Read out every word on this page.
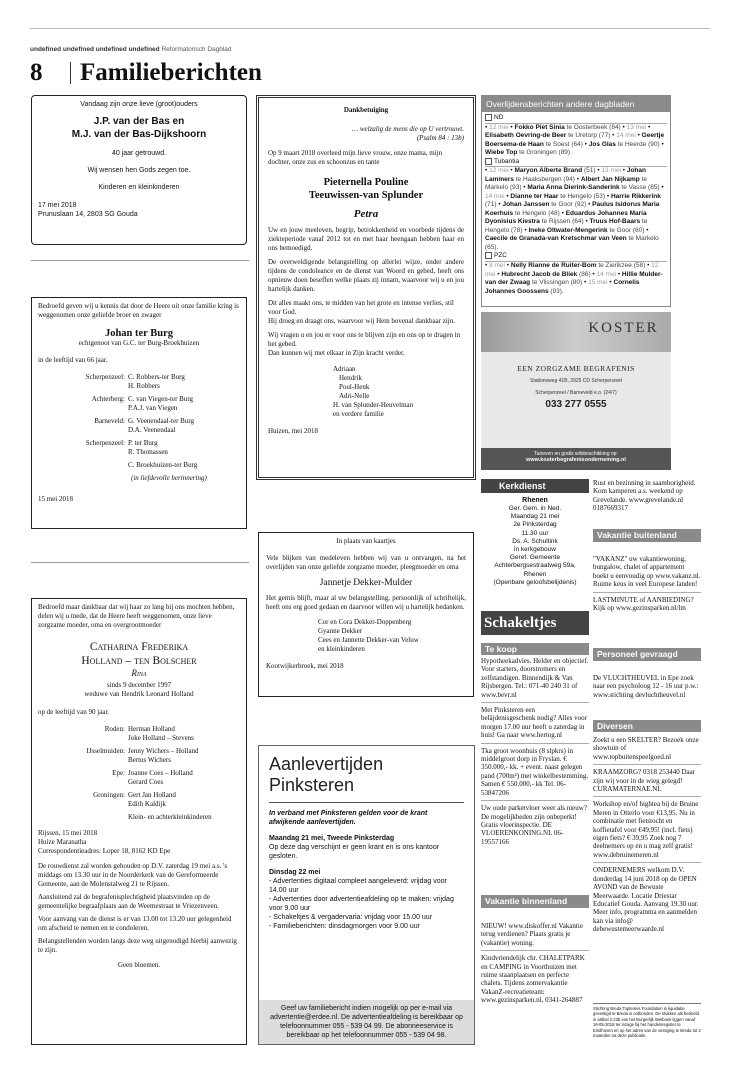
undefined undefined undefined undefined Reformatorisch Dagblad
8 Familieberichten
Vandaag zijn onze lieve (groot)ouders
J.P. van der Bas en
M.J. van der Bas-Dijkshoorn
40 jaar getrouwd.
Wij wensen hen Gods zegen toe.
Kinderen en kleinkinderen
17 mei 2018
Prunuslaan 14, 2803 SG Gouda
Bedroefd geven wij u kennis dat door de Heere uit onze familie kring is weggenomen onze geliefde broer en zwager
Johan ter Burg
echtgenoot van G.C. ter Burg-Broekhuizen
in de leeftijd van 66 jaar.
Scherpenzeel: C. Robbers-ter Burg
H. Robbers
Achterberg: C. van Viegen-ter Burg
P.A.J. van Viegen
Barneveld: G. Veenendaal-ter Burg
D.A. Veenendaal
Scherpenzeel: P. ter Burg
R. Thomassen
C. Broekhuizen-ter Burg
(in liefdevolle herinnering)
15 mei 2018
Bedroefd maar dankbaar dat wij haar zo lang bij ons mochten hebben, delen wij u mede, dat de Heere heeft weggenomen, onze lieve zorgzame moeder, oma en overgrootmoeder
Catharina Frederika
Holland – ten Bolscher
Rina
sinds 9 december 1997
weduwe van Hendrik Leonard Holland
op de leeftijd van 90 jaar.
Roden: Herman Holland
Joke Holland – Stevens
IJsselmuiden: Jenny Wichers – Holland
Bertus Wichers
Epe: Joanne Coes – Holland
Gerard Coes
Groningen: Gert Jan Holland
Edith Kaldijk
Klein- en achterkleinkinderen
Rijssen, 15 mei 2018
Huize Maranatha
Correspondentieadres: Loper 18, 8162 KD Epe
De rouwdienst zal worden gehouden op D.V. zaterdag 19 mei a.s. 's middags om 13.30 uur in de Noorderkerk van de Gereformeerde Gemeente, aan de Molenstalweg 21 te Rijssen.
Aansluitend zal de begrafenisplechtigheid plaatsvinden op de gemeentelijke begraafplaats aan de Weemestraat te Vriezenveen.
Voor aanvang van de dienst is er van 13.00 tot 13.20 uur gelegenheid om afscheid te nemen en te condoleren.
Belangstellenden worden langs deze weg uitgenodigd hierbij aanwezig te zijn.
Geen bloemen.
Dankbetuiging
… welzalig de mens die op U vertrouwt.
(Psalm 84 : 13b)
Op 9 maart 2018 overleed mijn lieve vrouw, onze mama, mijn dochter, onze zus en schoonzus en tante
Pieternella Pouline
Teeuwissen-van Splunder
Petra
Uw en jouw meeleven, begrip, betrokkenheid en voorbede tijdens de ziekteperiode vanaf 2012 tot en met haar heengaan hebben haar en ons bemoedigd.
De overweldigende belangstelling op allerlei wijze, onder andere tijdens de condoleance en de dienst van Woord en gebed, heeft ons opnieuw doen beseffen welke plaats zij innam, waarvoor wij u en jou hartelijk danken.
Dit alles maakt ons, te midden van het grote en intense verlies, stil voor God.
Hij droeg en draagt ons, waarvoor wij Hem bovenal dankbaar zijn.
Wij vragen u en jou er voor ons te blijven zijn en ons op te dragen in het gebed.
Dan kunnen wij met elkaar in Zijn kracht verder.
Adriaan
Hendrik
Poul-Henk
Adri-Nelle
H. van Splunder-Heuvelman
en verdere familie
Huizen, mei 2018
In plaats van kaartjes
Vele blijken van medeleven hebben wij van u ontvangen, na het overlijden van onze geliefde zorgzame moeder, pleegmoeder en oma
Jannetje Dekker-Mulder
Het gemis blijft, maar al uw belangstelling, persoonlijk of schriftelijk, heeft ons erg goed gedaan en daarvoor willen wij u hartelijk bedanken.
Cor en Cora Dekker-Doppenberg
Gyanne Dekker
Cees en Jannette Dekker-van Veluw
en kleinkinderen
Kootwijkerbroek, mei 2018
Aanlevertijden
Pinksteren
In verband met Pinksteren gelden voor de krant afwijkende aanlevertijden.
Maandag 21 mei, Tweede Pinksterdag
Op deze dag verschijnt er geen krant en is ons kantoor gesloten.
Dinsdag 22 mei
- Advertenties digitaal compleet aangeleverd: vrijdag voor 14.00 uur
- Advertenties door advertentieafdeling op te maken: vrijdag voor 9.00 uur
- Schakeltjes & vergadervaria: vrijdag voor 15.00 uur
- Familieberichten: dinsdagmorgen voor 9.00 uur
Geef uw familiebericht indien mogelijk op per e-mail via advertentie@erdee.nl. De advertentieafdeling is bereikbaar op telefoonnummer 055 - 539 04 99. De abonneeservice is bereikbaar op het telefoonnummer 055 - 539 04 98.
Overlijdensberichten andere dagbladen
ND
• 12 mei • Fokko Piet Sinia te Oosterbeek (84) • 13 mei • Elisabeth Oevring-de Beer te Uretorp (77) • 14 mei • Geertje Boersema-de Haan te Soest (64) • Jos Glas te Heerde (90) • Wiebe Top te Groningen (89).
Tubantia
• 12 mei • Maryon Alberte Brand (51) • 13 mei • Johan Lammers te Haaksbergen (94) • Albert Jan Nijkamp te Markelo (93) • Maria Anna Dierink-Sanderink te Vasse (85) • 14 mei • Dianne ter Haar te Hengelo (53) • Harrie Rikkerink (71) • Johan Janssen te Goor (92) • Paulus Isidorus Maria Koerhuis te Hengelo (48) • Eduardus Johannes Maria Dyonisius Kiestra te Rijssen (64) • Truus Hof-Baars te Hengelo (78) • Ineke Oltwater-Mengerink te Goor (60) • Caecile de Granada-van Kretschmar van Veen te Markelo (65).
PZC
• 8 mei • Nelly Rianne de Ruiter-Bom te Zierikzee (58) • 12 mei • Hubrecht Jacob de Bliek (86) • 14 mei • Hillie Mulder-van der Zwaag te Vlissingen (80) • 15 mei • Cornelis Johannes Goossens (93).
KOSTER
EEN ZORGZAME BEGRAFENIS
Stationsweg 41B, 3925 CD Scherpenzeel
Scherpenzeel / Barneveld e.o. (24/7)
033 277 0555
Tarieven en gratis wilsbeschikking op:
www.kosterbegrafenisonderneming.nl
Kerkdienst
Rhenen
Ger. Gem. in Ned.
Maandag 21 mei
2e Pinksterdag
11.30 uur
Ds. A. Schultink
in kerkgebouw
Geref. Gemeente
Achterbergsestraatweg 59a,
Rhenen
(Openbare geloofsbelijdenis)
Schakeltjes
Te koop
Hypotheekadvies. Helder en objectief. Voor starters, doorstromers en zelfstandigen. Binnendijk & Van Rijsbergen. Tel.: 071-40 240 31 of www.bevr.nl
Met Pinksteren een beläjdenisgeschenk nodig? Alles voor morgen 17.00 uur heeft u zaterdag in huis! Ga naar www.hertog.nl
Tka groot woonhuis (8 slpkrs) in middelgroot dorp in Fryslan. € 350.000,- kk. + event. naast gelegen pand (700m²) met winkelbestemming. Samen € 550.000,- kk Tel. 06-53847206
Uw oude parketvloer weer als nieuw? De mogelijkheden zijn onbeperkt! Gratis vloerinspectie. DE VLOERENKONING.NL 06-19557166
Vakantie binnenland
NIEUW! www.diskoffer.nl Vakantie terug verdienen? Plaats gratis je (vakantie) woning.
Kindvriendelijk chr. CHALETPARK en CAMPING in Voorthuizen met ruime staanplaatsen en perfecte chalets. Tijdens zomervakantie VakanZ-recreatieteam: www.gezinsparken.nl, 0341-264887
Rust en bezinning in saamhorigheid. Kom kamperen a.s. weekend op Grevelande. www.grevelande.nl 0187669317
Vakantie buitenland
"VAKANZ" uw vakantiewoning, bungalow, chalet of appartement boekt u eenvoudig op www.vakanz.nl. Ruime keus in veel Europese landen!
LASTMINUTE of AANBIEDING? Kijk op www.gezinsparken.nl/lm
Personeel gevraagd
De VLUCHTHEUVEL in Epe zoek naar een psycholoog 12 - 16 uur p.w.: www.stichting devluchtheuvel.nl
Diversen
Zoekt u een SKELTER? Bezoek onze showtuin of www.topbuitenspeelgoed.nl
KRAAMZORG? 0318 253440 Daar zijn wij voor in de wieg gelegd! CURAMATERNAE.NL
Workshop en/of hightea bij de Bruine Meren in Otterlo voor €13,95. Nu in combinatie met fietstocht en koffietafel voor €49,95! (incl. fiets) eigen fiets? € 39,95 Zoek nog 7 deelnemers op en u mag zelf gratis! www.debruinemeren.nl
ONDERNEMERS welkom D.V. donderdag 14 juni 2018 op de OPEN AVOND van de Bewuste Meerwaarde. Locatie Driestar Educatief Gouda. Aanvang 19.30 uur. Meer info, programma en aanmelden kan via info@ debewustemeerwaarde.nl
Stichting Breda Toptennis Foundation in liquidatie gevestigd te Breda is ontbonden. De stukken als bedoeld in artikel 2:23b van het Burgerlijk Wetboek liggen vanaf 16-05-2018 ter inzage bij het handelsregister te Eindhoven en op het adres van de vestiging te Breda tot 2 maanden na deze publicatie.
